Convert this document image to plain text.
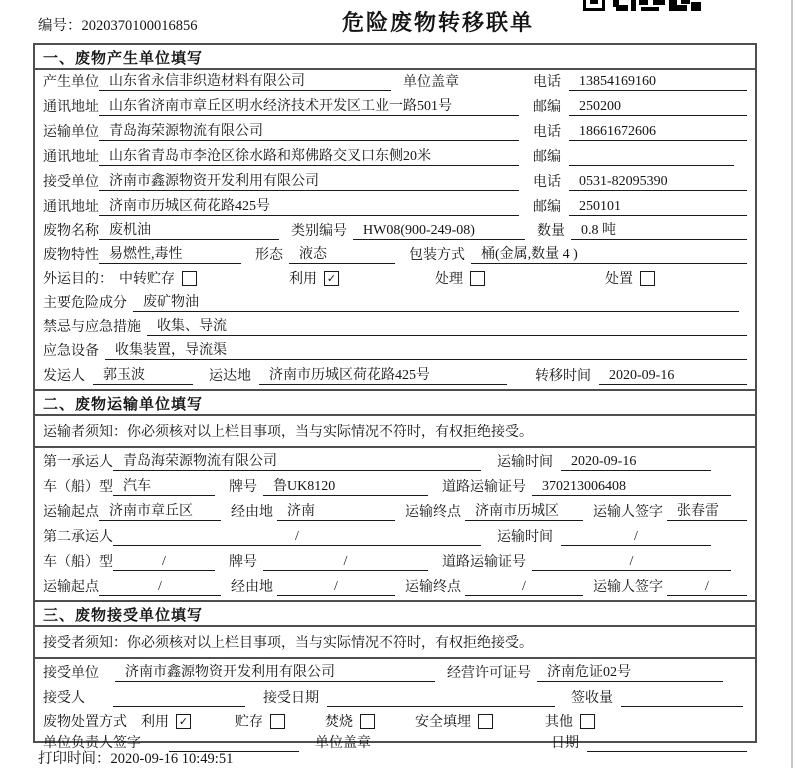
编号：2020370100016856	危险废物转移联单
一、废物产生单位填写
产生单位 山东省永信非织造材料有限公司	单位盖章	电话	13854169160
通讯地址 山东省济南市章丘区明水经济技术开发区工业一路501号	邮编	250200
运输单位 青岛海荣源物流有限公司	电话	18661672606
通讯地址 山东省青岛市李沧区徐水路和郑佛路交叉口东侧20米	邮编
接受单位 济南市鑫源物资开发利用有限公司	电话	0531-82095390
通讯地址 济南市历城区荷花路425号	邮编	250101
废物名称 废机油	类别编号	HW08(900-249-08)	数量	0.8 吨
废物特性 易燃性,毒性	形态	液态	包装方式	桶(金属,数量 4 )
外运目的： 中转贮存	利用 ✓	处理	处置
主要危险成分	废矿物油
禁忌与应急措施	收集、导流
应急设备	收集装置，导流渠
发运人	郭玉波	运达地	济南市历城区荷花路425号	转移时间	2020-09-16
二、废物运输单位填写
运输者须知：你必须核对以上栏目事项，当与实际情况不符时，有权拒绝接受。
第一承运人 青岛海荣源物流有限公司	运输时间	2020-09-16
车（船）型 汽车	牌号	鲁UK8120	道路运输证号	370213006408
运输起点 济南市章丘区	经由地	济南	运输终点	济南市历城区	运输人签字	张春雷
第二承运人	/	运输时间	/
车（船）型	/	牌号	/	道路运输证号	/
运输起点	/	经由地	/	运输终点	/	运输人签字	/
三、废物接受单位填写
接受者须知：你必须核对以上栏目事项，当与实际情况不符时，有权拒绝接受。
接受单位	济南市鑫源物资开发利用有限公司	经营许可证号	济南危证02号
接受人	接受日期	签收量
废物处置方式 利用 ✓	贮存	焚烧	安全填埋	其他
单位负责人签字	单位盖章	日期
打印时间：2020-09-16 10:49:51
